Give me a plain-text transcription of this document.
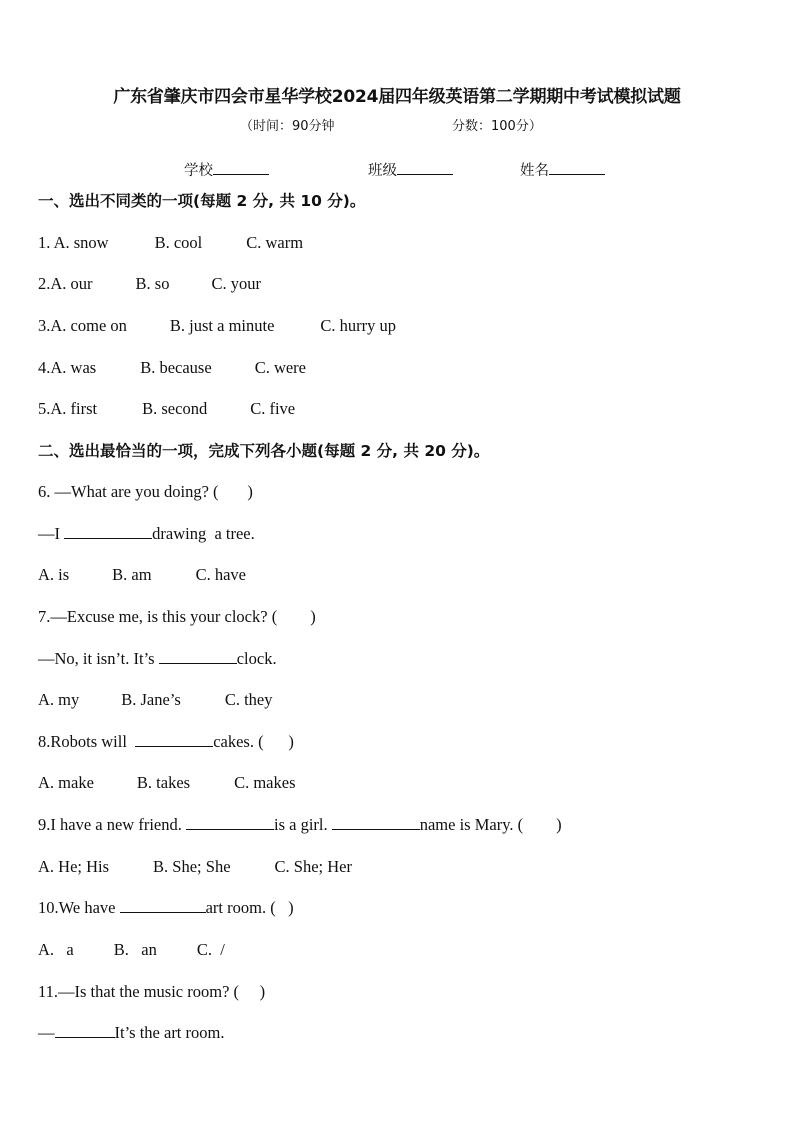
广东省肇庆市四会市星华学校2024届四年级英语第二学期期中考试模拟试题
（时间：90分钟	分数：100分）
学校	班级	姓名
一、选出不同类的一项(每题 2 分, 共 10 分)。
1. A. snow	B. cool	C. warm
2.A. our	B. so	C. your
3.A. come on	B. just a minute	C. hurry up
4.A. was	B. because	C. were
5.A. first	B. second	C. five
二、选出最恰当的一项，完成下列各小题(每题 2 分, 共 20 分)。
6. —What are you doing? (       )
—I	drawing  a tree.
A. is	B. am	C. have
7.—Excuse me, is this your clock? (        )
—No, it isn’t. It’s	clock.
A. my	B. Jane’s	C. they
8.Robots will	cakes. (      )
A. make	B. takes	C. makes
9.I have a new friend.	is a girl.	name is Mary. (        )
A. He; His	B. She; She	C. She; Her
10.We have	art room. (   )
A.   a B.   an C.  /
11.—Is that the music room? (     )
—	It’s the art room.
